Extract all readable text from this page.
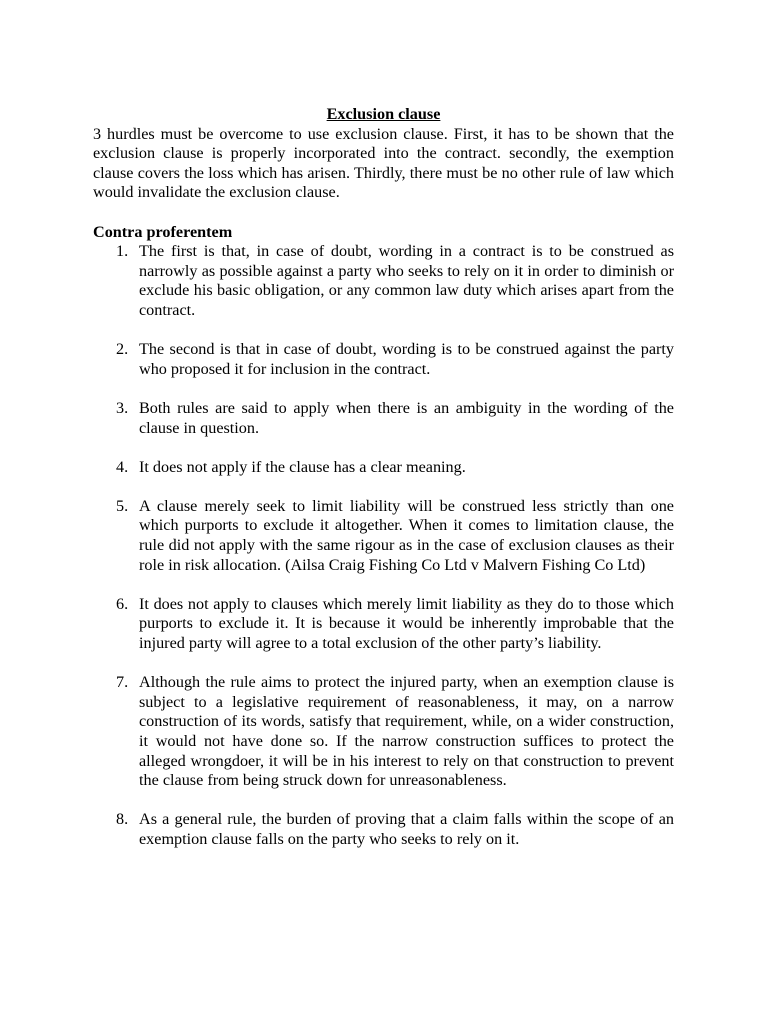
Exclusion clause

3 hurdles must be overcome to use exclusion clause. First, it has to be shown that the exclusion clause is properly incorporated into the contract. secondly, the exemption clause covers the loss which has arisen. Thirdly, there must be no other rule of law which would invalidate the exclusion clause.

Contra proferentem

1. The first is that, in case of doubt, wording in a contract is to be construed as narrowly as possible against a party who seeks to rely on it in order to diminish or exclude his basic obligation, or any common law duty which arises apart from the contract.
2. The second is that in case of doubt, wording is to be construed against the party who proposed it for inclusion in the contract.
3. Both rules are said to apply when there is an ambiguity in the wording of the clause in question.
4. It does not apply if the clause has a clear meaning.
5. A clause merely seek to limit liability will be construed less strictly than one which purports to exclude it altogether. When it comes to limitation clause, the rule did not apply with the same rigour as in the case of exclusion clauses as their role in risk allocation. (Ailsa Craig Fishing Co Ltd v Malvern Fishing Co Ltd)
6. It does not apply to clauses which merely limit liability as they do to those which purports to exclude it. It is because it would be inherently improbable that the injured party will agree to a total exclusion of the other party’s liability.
7. Although the rule aims to protect the injured party, when an exemption clause is subject to a legislative requirement of reasonableness, it may, on a narrow construction of its words, satisfy that requirement, while, on a wider construction, it would not have done so. If the narrow construction suffices to protect the alleged wrongdoer, it will be in his interest to rely on that construction to prevent the clause from being struck down for unreasonableness.
8. As a general rule, the burden of proving that a claim falls within the scope of an exemption clause falls on the party who seeks to rely on it.
